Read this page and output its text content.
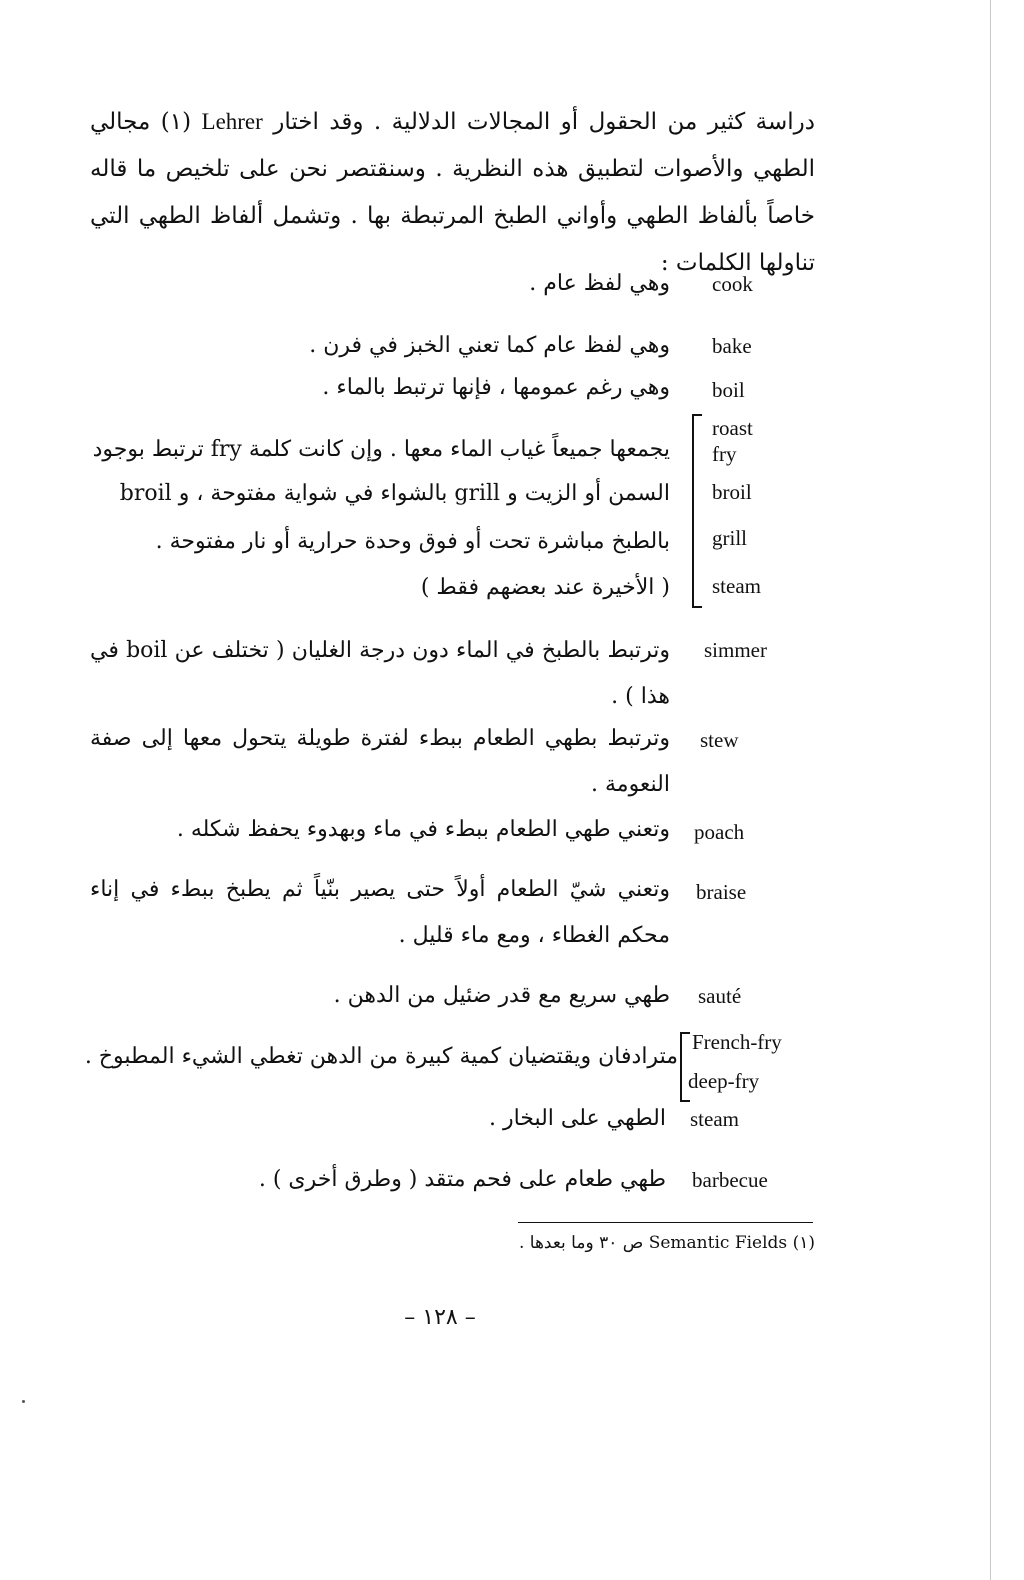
دراسة كثير من الحقول أو المجالات الدلالية . وقد اختار Lehrer (١) مجالي الطهي والأصوات لتطبيق هذه النظرية . وسنقتصر نحن على تلخيص ما قاله خاصاً بألفاظ الطهي وأواني الطبخ المرتبطة بها . وتشمل ألفاظ الطهي التي تناولها الكلمات :
cook
وهي لفظ عام .
bake
وهي لفظ عام كما تعني الخبز في فرن .
boil
وهي رغم عمومها ، فإنها ترتبط بالماء .
roast
fry
broil
grill
steam
يجمعها جميعاً غياب الماء معها . وإن كانت كلمة fry ترتبط بوجود
السمن أو الزيت و grill بالشواء في شواية مفتوحة ، و broil
بالطبخ مباشرة تحت أو فوق وحدة حرارية أو نار مفتوحة .
( الأخيرة عند بعضهم فقط )
simmer
وترتبط بالطبخ في الماء دون درجة الغليان ( تختلف عن boil في هذا ) .
stew
وترتبط بطهي الطعام ببطء لفترة طويلة يتحول معها إلى صفة النعومة .
poach
وتعني طهي الطعام ببطء في ماء وبهدوء يحفظ شكله .
braise
وتعني شيّ الطعام أولاً حتى يصير بنّياً ثم يطبخ ببطء في إناء محكم الغطاء ، ومع ماء قليل .
sauté
طهي سريع مع قدر ضئيل من الدهن .
French-fry
deep-fry
مترادفان ويقتضيان كمية كبيرة من الدهن تغطي الشيء المطبوخ .
steam
الطهي على البخار .
barbecue
طهي طعام على فحم متقد ( وطرق أخرى ) .
(١) Semantic Fields ص ٣٠ وما بعدها .
– ١٢٨ –
